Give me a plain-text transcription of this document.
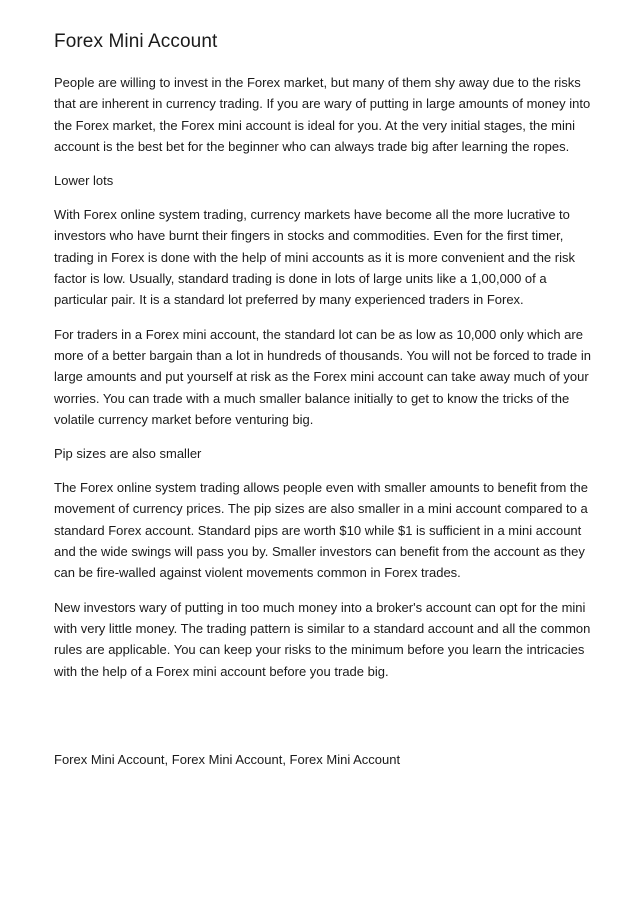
Forex Mini Account

People are willing to invest in the Forex market, but many of them shy away due to the risks that are inherent in currency trading. If you are wary of putting in large amounts of money into the Forex market, the Forex mini account is ideal for you. At the very initial stages, the mini account is the best bet for the beginner who can always trade big after learning the ropes.

Lower lots

With Forex online system trading, currency markets have become all the more lucrative to investors who have burnt their fingers in stocks and commodities. Even for the first timer, trading in Forex is done with the help of mini accounts as it is more convenient and the risk factor is low. Usually, standard trading is done in lots of large units like a 1,00,000 of a particular pair. It is a standard lot preferred by many experienced traders in Forex.

For traders in a Forex mini account, the standard lot can be as low as 10,000 only which are more of a better bargain than a lot in hundreds of thousands. You will not be forced to trade in large amounts and put yourself at risk as the Forex mini account can take away much of your worries. You can trade with a much smaller balance initially to get to know the tricks of the volatile currency market before venturing big.

Pip sizes are also smaller

The Forex online system trading allows people even with smaller amounts to benefit from the movement of currency prices. The pip sizes are also smaller in a mini account compared to a standard Forex account. Standard pips are worth $10 while $1 is sufficient in a mini account and the wide swings will pass you by. Smaller investors can benefit from the account as they can be fire-walled against violent movements common in Forex trades.

New investors wary of putting in too much money into a broker's account can opt for the mini with very little money. The trading pattern is similar to a standard account and all the common rules are applicable. You can keep your risks to the minimum before you learn the intricacies with the help of a Forex mini account before you trade big.

Forex Mini Account, Forex Mini Account, Forex Mini Account
